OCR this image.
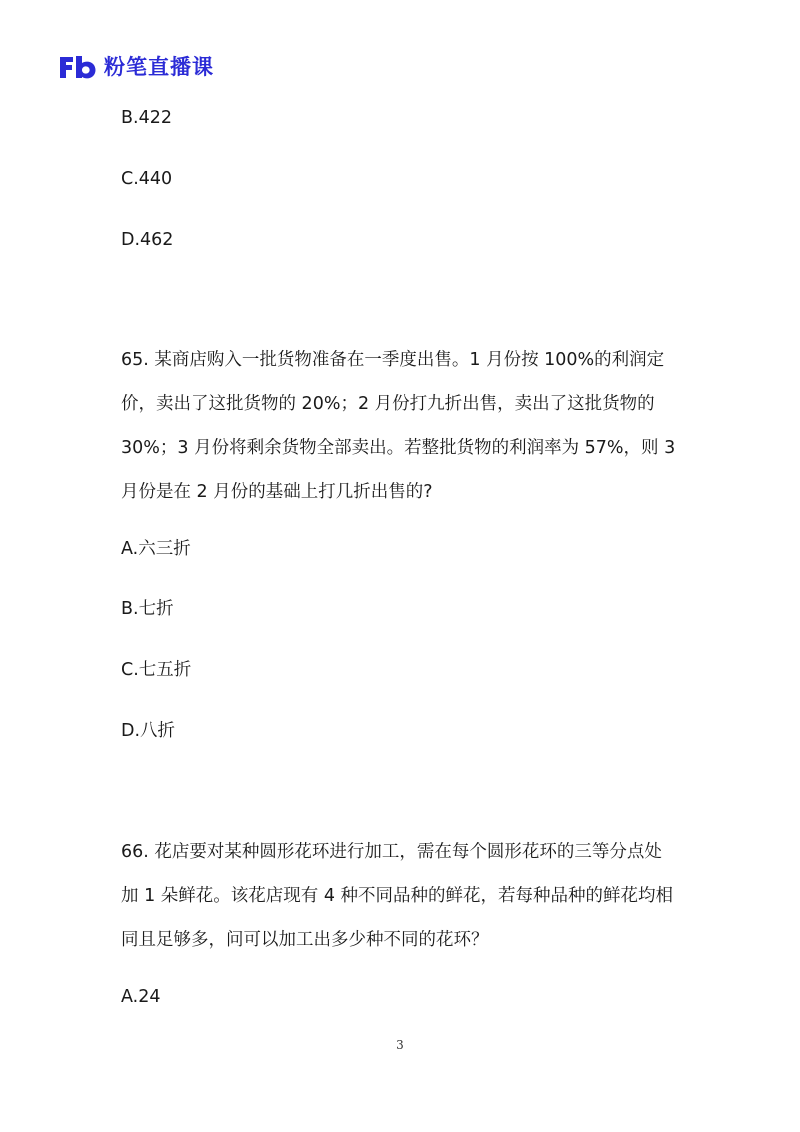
粉笔直播课
B.422
C.440
D.462
65. 某商店购入一批货物准备在一季度出售。1 月份按 100%的利润定
价，卖出了这批货物的 20%；2 月份打九折出售，卖出了这批货物的
30%；3 月份将剩余货物全部卖出。若整批货物的利润率为 57%，则 3
月份是在 2 月份的基础上打几折出售的?
A.六三折
B.七折
C.七五折
D.八折
66. 花店要对某种圆形花环进行加工，需在每个圆形花环的三等分点处
加 1 朵鲜花。该花店现有 4 种不同品种的鲜花，若每种品种的鲜花均相
同且足够多，问可以加工出多少种不同的花环？
A.24
3
